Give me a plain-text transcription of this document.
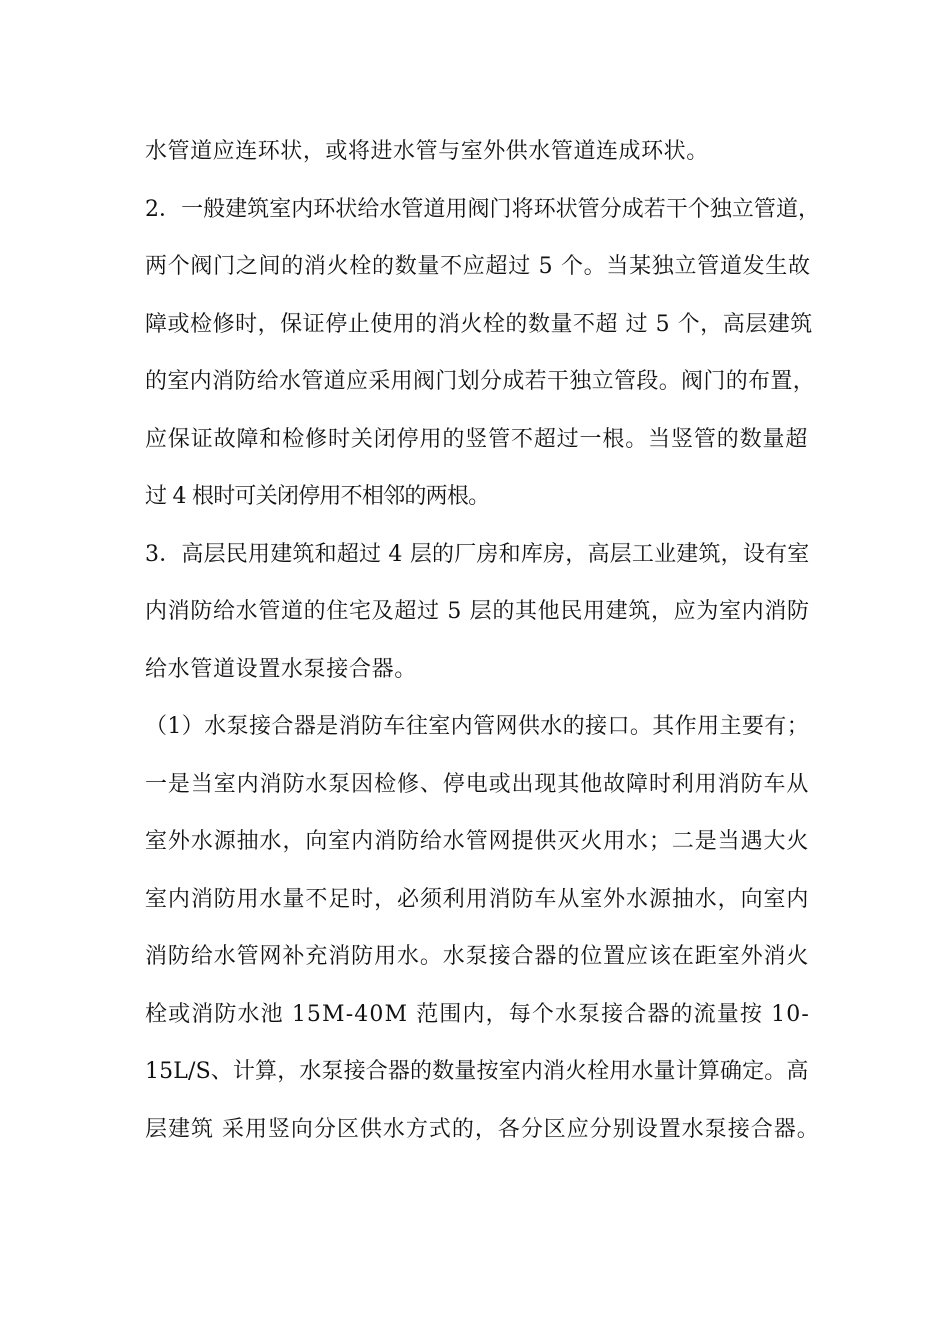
水管道应连环状，或将进水管与室外供水管道连成环状。
2．一般建筑室内环状给水管道用阀门将环状管分成若干个独立管道，
两个阀门之间的消火栓的数量不应超过 5 个。当某独立管道发生故
障或检修时，保证停止使用的消火栓的数量不超 过 5 个，高层建筑
的室内消防给水管道应采用阀门划分成若干独立管段。阀门的布置，
应保证故障和检修时关闭停用的竖管不超过一根。当竖管的数量超
过 4 根时可关闭停用不相邻的两根。
3．高层民用建筑和超过 4 层的厂房和库房，高层工业建筑，设有室
内消防给水管道的住宅及超过 5 层的其他民用建筑，应为室内消防
给水管道设置水泵接合器。
（1）水泵接合器是消防车往室内管网供水的接口。其作用主要有；
一是当室内消防水泵因检修、停电或出现其他故障时利用消防车从
室外水源抽水，向室内消防给水管网提供灭火用水；二是当遇大火
室内消防用水量不足时，必须利用消防车从室外水源抽水，向室内
消防给水管网补充消防用水。水泵接合器的位置应该在距室外消火
栓或消防水池 15M-40M 范围内，每个水泵接合器的流量按 10-
15L/S、计算，水泵接合器的数量按室内消火栓用水量计算确定。高
层建筑 采用竖向分区供水方式的，各分区应分别设置水泵接合器。
